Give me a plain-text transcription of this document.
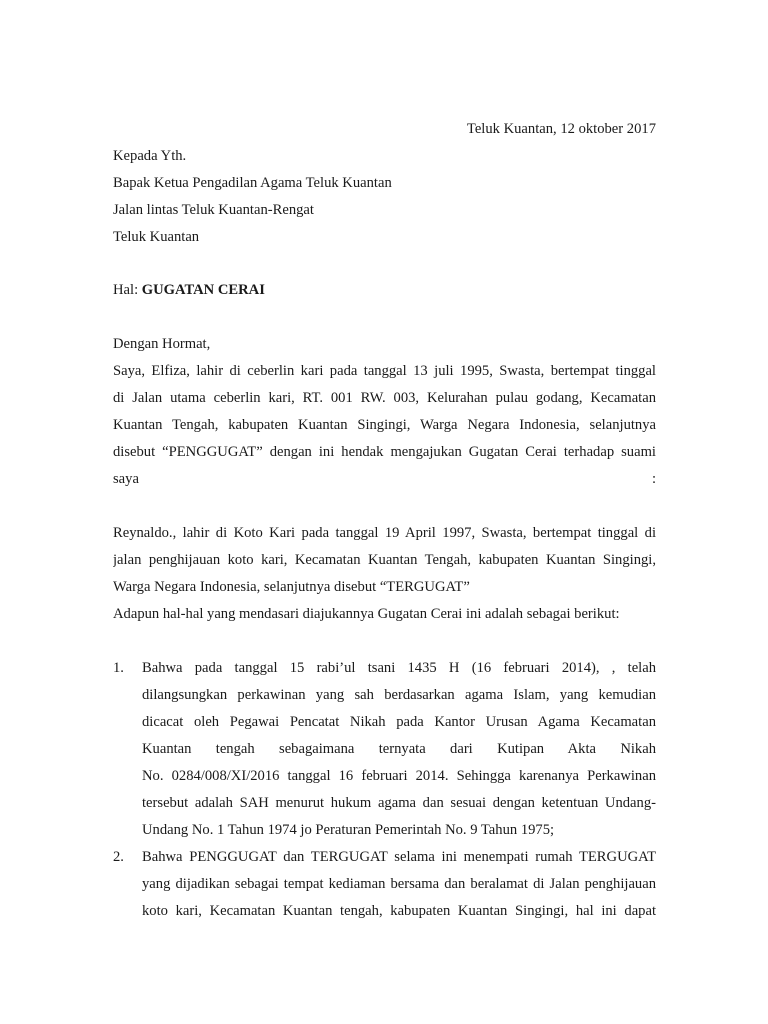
Teluk Kuantan, 12 oktober 2017
Kepada Yth.
Bapak Ketua Pengadilan Agama Teluk Kuantan
Jalan lintas Teluk Kuantan-Rengat
Teluk Kuantan
Hal: GUGATAN CERAI
Dengan Hormat,
Saya, Elfiza, lahir di ceberlin kari pada tanggal 13 juli 1995, Swasta, bertempat tinggal
di Jalan utama ceberlin kari, RT. 001 RW. 003, Kelurahan pulau godang, Kecamatan
Kuantan Tengah, kabupaten Kuantan Singingi, Warga Negara Indonesia, selanjutnya
disebut “PENGGUGAT” dengan ini hendak mengajukan Gugatan Cerai terhadap suami
saya	:
Reynaldo., lahir di Koto Kari pada tanggal 19 April 1997, Swasta, bertempat tinggal di
jalan penghijauan koto kari, Kecamatan Kuantan Tengah, kabupaten Kuantan Singingi,
Warga Negara Indonesia, selanjutnya disebut “TERGUGAT”
Adapun hal-hal yang mendasari diajukannya Gugatan Cerai ini adalah sebagai berikut:
1. Bahwa pada tanggal 15 rabi’ul tsani 1435 H (16 februari 2014), , telah
dilangsungkan perkawinan yang sah berdasarkan agama Islam, yang kemudian
dicacat oleh Pegawai Pencatat Nikah pada Kantor Urusan Agama Kecamatan
Kuantan tengah sebagaimana ternyata dari Kutipan Akta Nikah
No. 0284/008/XI/2016 tanggal 16 februari 2014. Sehingga karenanya Perkawinan
tersebut adalah SAH menurut hukum agama dan sesuai dengan ketentuan Undang-
Undang No. 1 Tahun 1974 jo Peraturan Pemerintah No. 9 Tahun 1975;
2. Bahwa PENGGUGAT dan TERGUGAT selama ini menempati rumah TERGUGAT
yang dijadikan sebagai tempat kediaman bersama dan beralamat di Jalan penghijauan
koto kari, Kecamatan Kuantan tengah, kabupaten Kuantan Singingi, hal ini dapat
